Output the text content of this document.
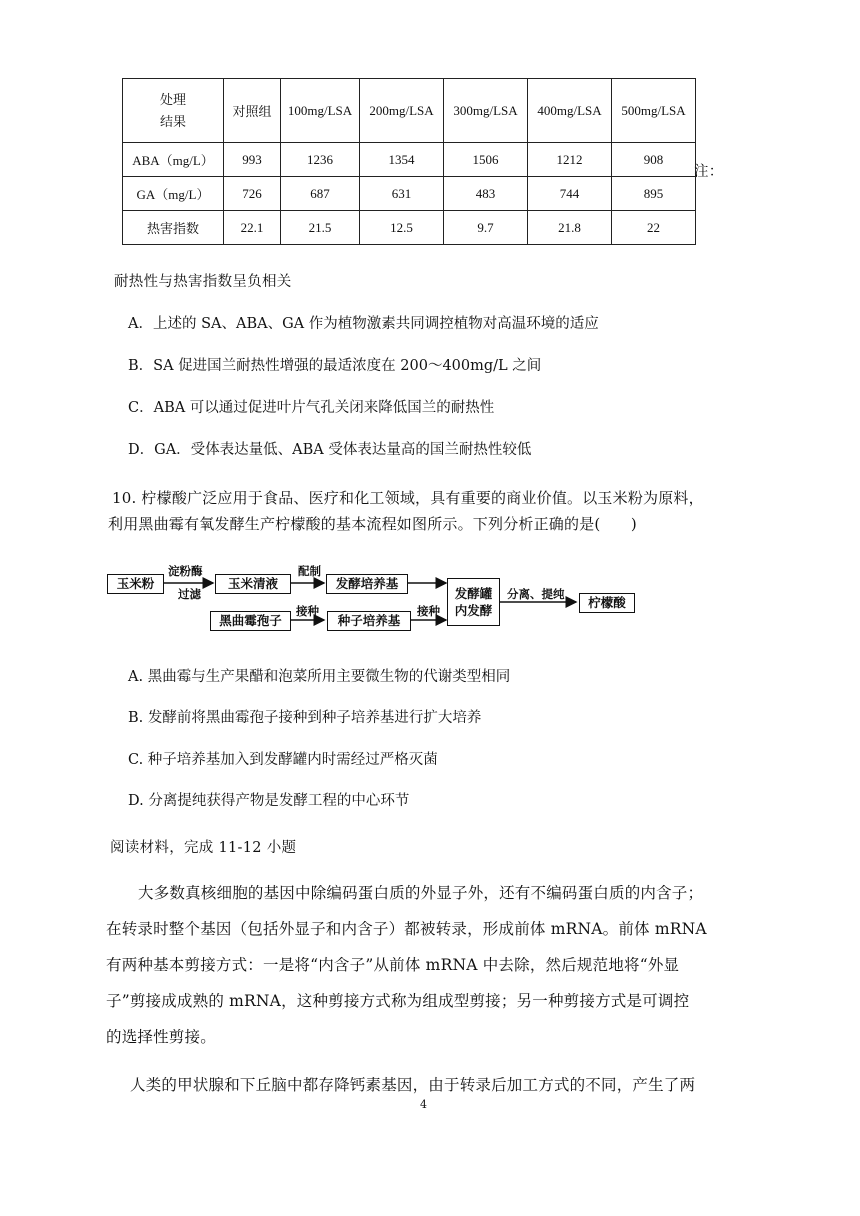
处理
结果	对照组	100mg/LSA	200mg/LSA	300mg/LSA	400mg/LSA	500mg/LSA
ABA（mg/L）	993	1236	1354	1506	1212	908
GA（mg/L）	726	687	631	483	744	895
热害指数	22.1	21.5	12.5	9.7	21.8	22
注：
耐热性与热害指数呈负相关
A．上述的 SA、ABA、GA 作为植物激素共同调控植物对高温环境的适应
B．SA 促进国兰耐热性增强的最适浓度在 200～400mg/L 之间
C．ABA 可以通过促进叶片气孔关闭来降低国兰的耐热性
D．GA．受体表达量低、ABA 受体表达量高的国兰耐热性较低
10. 柠檬酸广泛应用于食品、医疗和化工领域，具有重要的商业价值。以玉米粉为原料，
利用黑曲霉有氧发酵生产柠檬酸的基本流程如图所示。下列分析正确的是(　　)
玉米粉	玉米清液	发酵培养基
黑曲霉孢子	种子培养基
发酵罐
内发酵
柠檬酸
淀粉酶
过滤
配制
接种	接种
分离、提纯
A. 黑曲霉与生产果醋和泡菜所用主要微生物的代谢类型相同
B. 发酵前将黑曲霉孢子接种到种子培养基进行扩大培养
C. 种子培养基加入到发酵罐内时需经过严格灭菌
D. 分离提纯获得产物是发酵工程的中心环节
阅读材料，完成 11-12 小题
大多数真核细胞的基因中除编码蛋白质的外显子外，还有不编码蛋白质的内含子；
在转录时整个基因（包括外显子和内含子）都被转录，形成前体 mRNA。前体 mRNA
有两种基本剪接方式：一是将“内含子”从前体 mRNA 中去除，然后规范地将“外显
子”剪接成成熟的 mRNA，这种剪接方式称为组成型剪接；另一种剪接方式是可调控
的选择性剪接。
人类的甲状腺和下丘脑中都存降钙素基因，由于转录后加工方式的不同，产生了两
4
